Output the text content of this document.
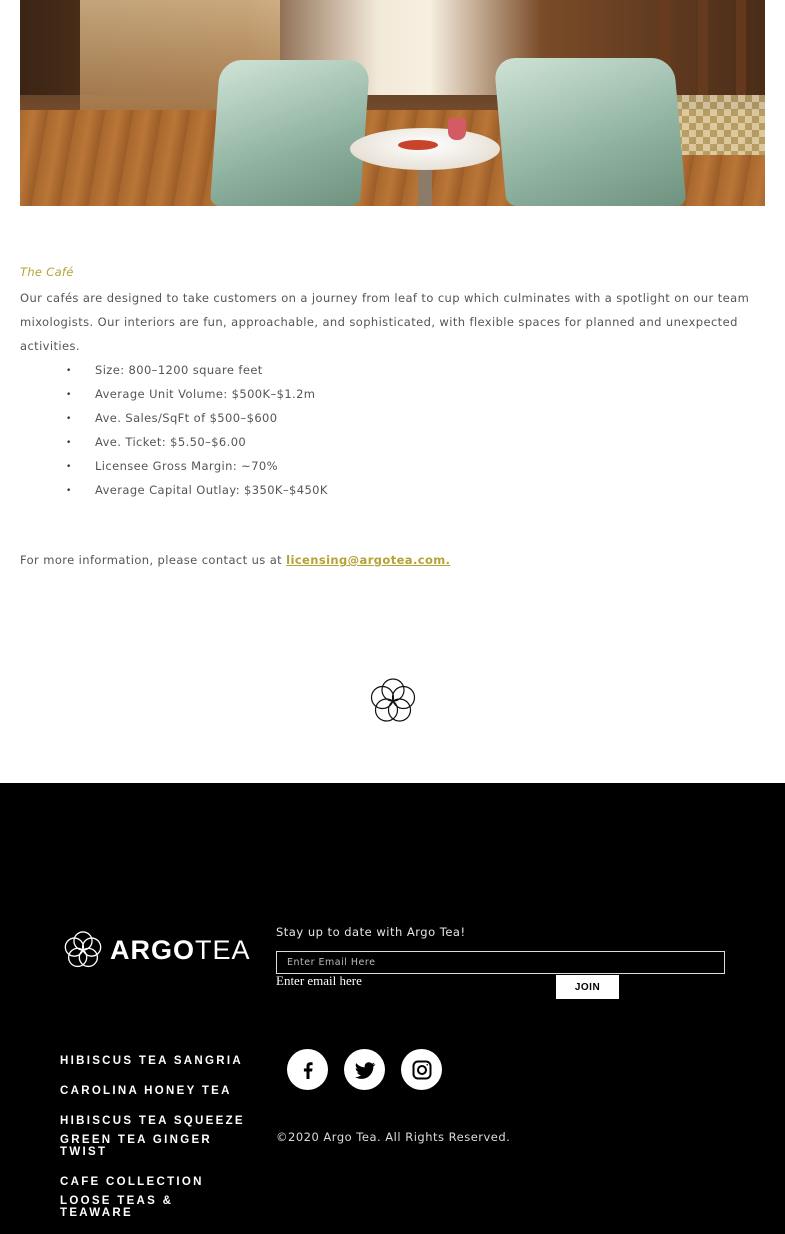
The Café

Our cafés are designed to take customers on a journey from leaf to cup which culminates with a spotlight on our team mixologists. Our interiors are fun, approachable, and sophisticated, with flexible spaces for planned and unexpected activities.

• Size: 800–1200 square feet
• Average Unit Volume: $500K–$1.2m
• Ave. Sales/SqFt of $500–$600
• Ave. Ticket: $5.50–$6.00
• Licensee Gross Margin: ~70%
• Average Capital Outlay: $350K–$450K

For more information, please contact us at licensing@argotea.com.

ARGOTEA
Stay up to date with Argo Tea!
Enter Email Here
Enter email here	JOIN
HIBISCUS TEA SANGRIA
CAROLINA HONEY TEA
HIBISCUS TEA SQUEEZE
GREEN TEA GINGER TWIST
CAFE COLLECTION
LOOSE TEAS & TEAWARE
©2020 Argo Tea. All Rights Reserved.
